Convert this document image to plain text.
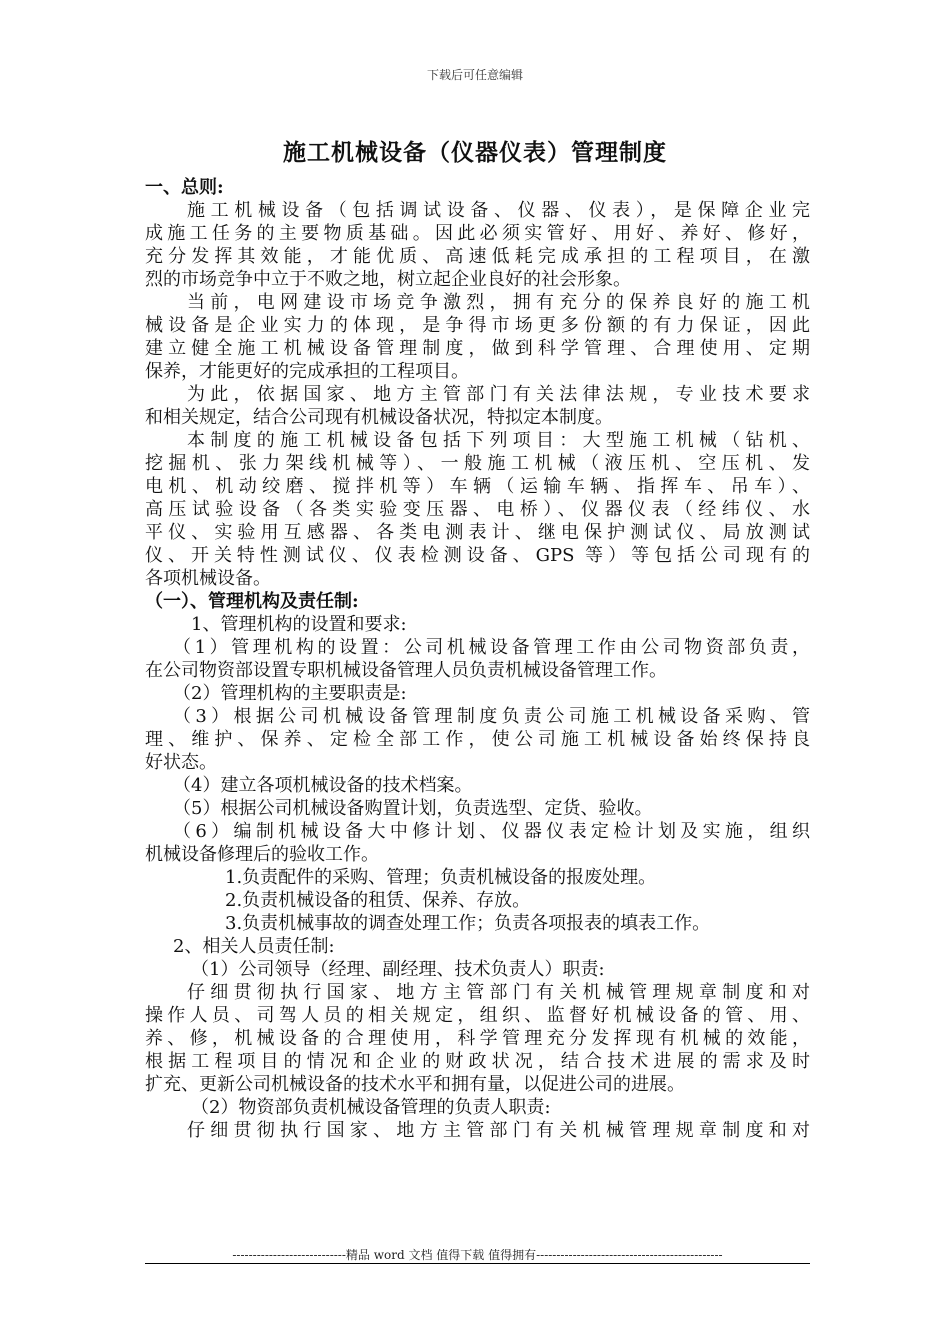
下载后可任意编辑
施工机械设备（仪器仪表）管理制度
一、总则:
施工机械设备（包括调试设备、仪器、仪表），是保障企业完
成施工任务的主要物质基础。因此必须实管好、用好、养好、修好，
充分发挥其效能，才能优质、高速低耗完成承担的工程项目，在激
烈的市场竞争中立于不败之地，树立起企业良好的社会形象。
当前，电网建设市场竞争激烈，拥有充分的保养良好的施工机
械设备是企业实力的体现，是争得市场更多份额的有力保证，因此
建立健全施工机械设备管理制度，做到科学管理、合理使用、定期
保养，才能更好的完成承担的工程项目。
为此，依据国家、地方主管部门有关法律法规，专业技术要求
和相关规定，结合公司现有机械设备状况，特拟定本制度。
本制度的施工机械设备包括下列项目：大型施工机械（钻机、
挖掘机、张力架线机械等）、一般施工机械（液压机、空压机、发
电机、机动绞磨、搅拌机等）车辆（运输车辆、指挥车、吊车）、
高压试验设备（各类实验变压器、电桥）、仪器仪表（经纬仪、水
平仪、实验用互感器、各类电测表计、继电保护测试仪、局放测试
仪、开关特性测试仪、仪表检测设备、GPS 等）等包括公司现有的
各项机械设备。
（一）、管理机构及责任制:
1、管理机构的设置和要求:
（1）管理机构的设置：公司机械设备管理工作由公司物资部负责，
在公司物资部设置专职机械设备管理人员负责机械设备管理工作。
（2）管理机构的主要职责是:
（3）根据公司机械设备管理制度负责公司施工机械设备采购、管
理、维护、保养、定检全部工作，使公司施工机械设备始终保持良
好状态。
（4）建立各项机械设备的技术档案。
（5）根据公司机械设备购置计划，负责选型、定货、验收。
（6）编制机械设备大中修计划、仪器仪表定检计划及实施，组织
机械设备修理后的验收工作。
1.负责配件的采购、管理；负责机械设备的报废处理。
2.负责机械设备的租赁、保养、存放。
3.负责机械事故的调查处理工作；负责各项报表的填表工作。
2、相关人员责任制:
（1）公司领导（经理、副经理、技术负责人）职责:
仔细贯彻执行国家、地方主管部门有关机械管理规章制度和对
操作人员、司驾人员的相关规定，组织、监督好机械设备的管、用、
养、修，机械设备的合理使用，科学管理充分发挥现有机械的效能，
根据工程项目的情况和企业的财政状况，结合技术进展的需求及时
扩充、更新公司机械设备的技术水平和拥有量，以促进公司的进展。
（2）物资部负责机械设备管理的负责人职责:
仔细贯彻执行国家、地方主管部门有关机械管理规章制度和对
----------------------------精品 word 文档 值得下载 值得拥有----------------------------------------------
